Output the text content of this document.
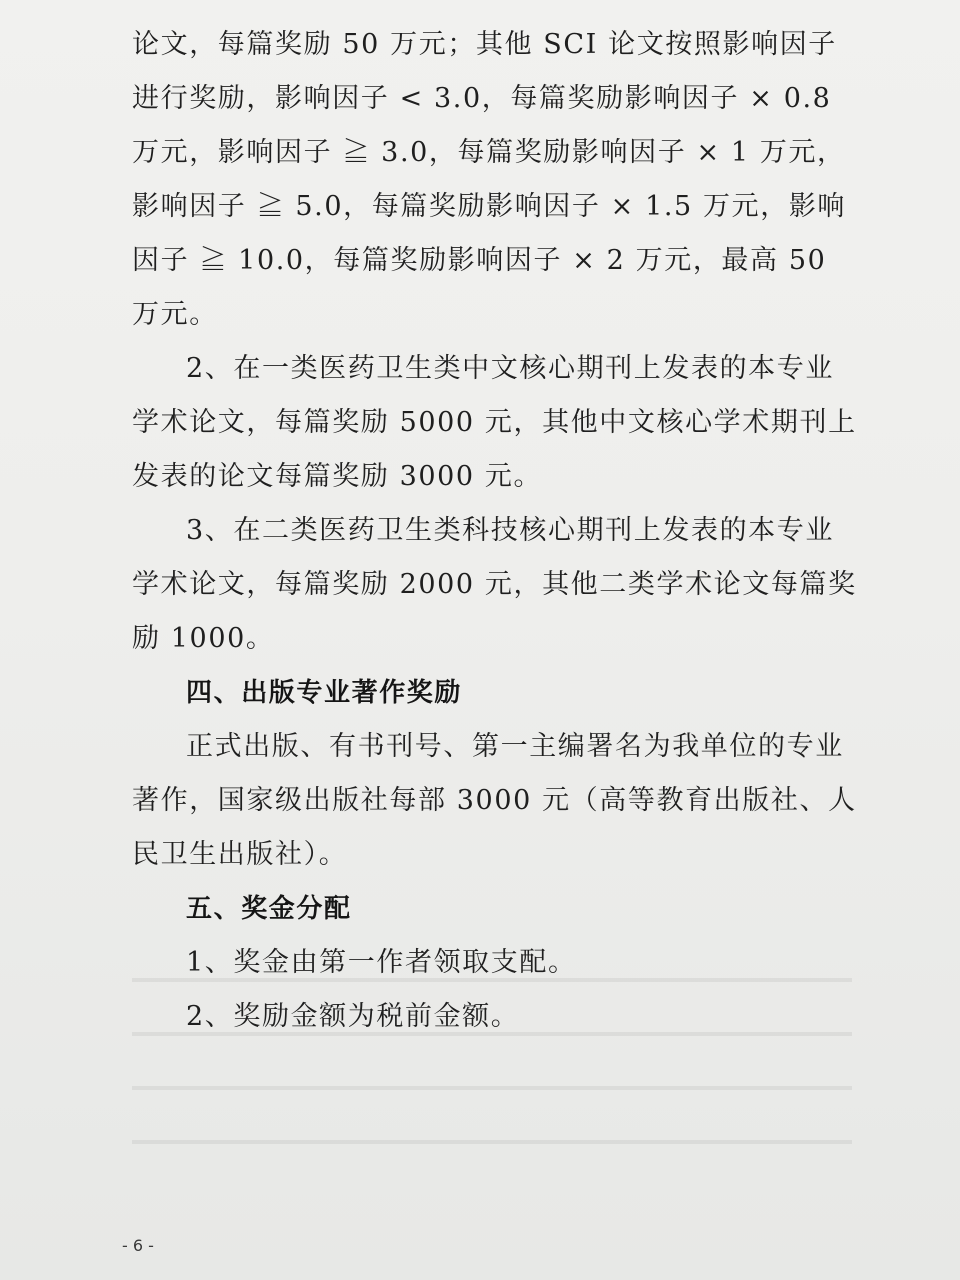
论文，每篇奖励 50 万元；其他 SCI 论文按照影响因子进行奖励，影响因子 < 3.0，每篇奖励影响因子 × 0.8 万元，影响因子 ≧ 3.0，每篇奖励影响因子 × 1 万元，影响因子 ≧ 5.0，每篇奖励影响因子 × 1.5 万元，影响因子 ≧ 10.0，每篇奖励影响因子 × 2 万元，最高 50 万元。

2、在一类医药卫生类中文核心期刊上发表的本专业学术论文，每篇奖励 5000 元，其他中文核心学术期刊上发表的论文每篇奖励 3000 元。

3、在二类医药卫生类科技核心期刊上发表的本专业学术论文，每篇奖励 2000 元，其他二类学术论文每篇奖励 1000。

四、出版专业著作奖励

正式出版、有书刊号、第一主编署名为我单位的专业著作，国家级出版社每部 3000 元（高等教育出版社、人民卫生出版社）。

五、奖金分配

1、奖金由第一作者领取支配。

2、奖励金额为税前金额。

- 6 -
